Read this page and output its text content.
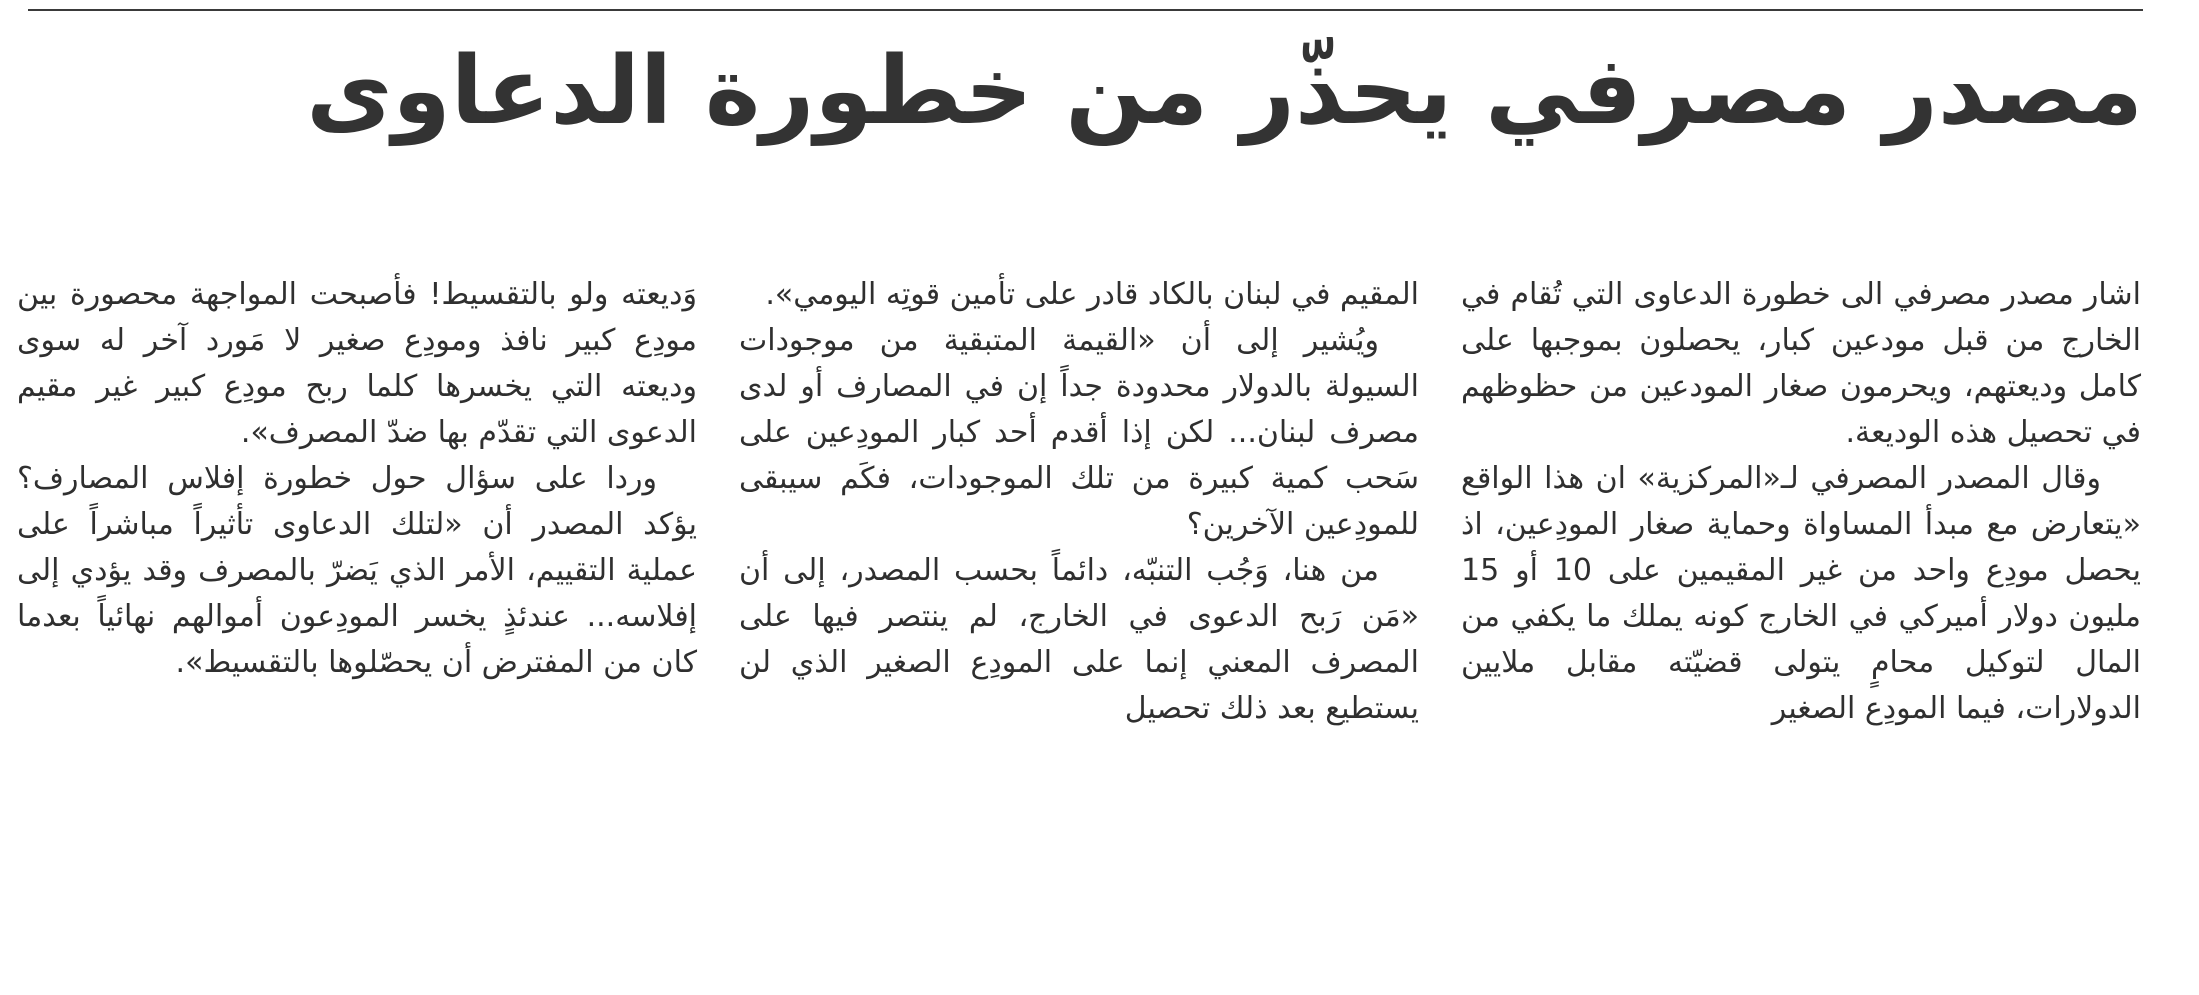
مصدر مصرفي يحذّر من خطورة الدعاوى

اشار مصدر مصرفي الى خطورة الدعاوى التي تُقام في الخارج من قبل مودعين كبار، يحصلون بموجبها على كامل وديعتهم، ويحرمون صغار المودعين من حظوظهم في تحصيل هذه الوديعة.

وقال المصدر المصرفي لـ«المركزية» ان هذا الواقع «يتعارض مع مبدأ المساواة وحماية صغار المودِعين، اذ يحصل مودِع واحد من غير المقيمين على 10 أو 15 مليون دولار أميركي في الخارج كونه يملك ما يكفي من المال لتوكيل محامٍ يتولى قضيّته مقابل ملايين الدولارات، فيما المودِع الصغير

المقيم في لبنان بالكاد قادر على تأمين قوتِه اليومي».

ويُشير إلى أن «القيمة المتبقية من موجودات السيولة بالدولار محدودة جداً إن في المصارف أو لدى مصرف لبنان... لكن إذا أقدم أحد كبار المودِعين على سَحب كمية كبيرة من تلك الموجودات، فكَم سيبقى للمودِعين الآخرين؟

من هنا، وَجُب التنبّه، دائماً بحسب المصدر، إلى أن «مَن رَبح الدعوى في الخارج، لم ينتصر فيها على المصرف المعني إنما على المودِع الصغير الذي لن يستطيع بعد ذلك تحصيل

وَديعته ولو بالتقسيط! فأصبحت المواجهة محصورة بين مودِع كبير نافذ ومودِع صغير لا مَورد آخر له سوى وديعته التي يخسرها كلما ربح مودِع كبير غير مقيم الدعوى التي تقدّم بها ضدّ المصرف».

وردا على سؤال حول خطورة إفلاس المصارف؟ يؤكد المصدر أن «لتلك الدعاوى تأثيراً مباشراً على عملية التقييم، الأمر الذي يَضرّ بالمصرف وقد يؤدي إلى إفلاسه... عندئذٍ يخسر المودِعون أموالهم نهائياً بعدما كان من المفترض أن يحصّلوها بالتقسيط».
